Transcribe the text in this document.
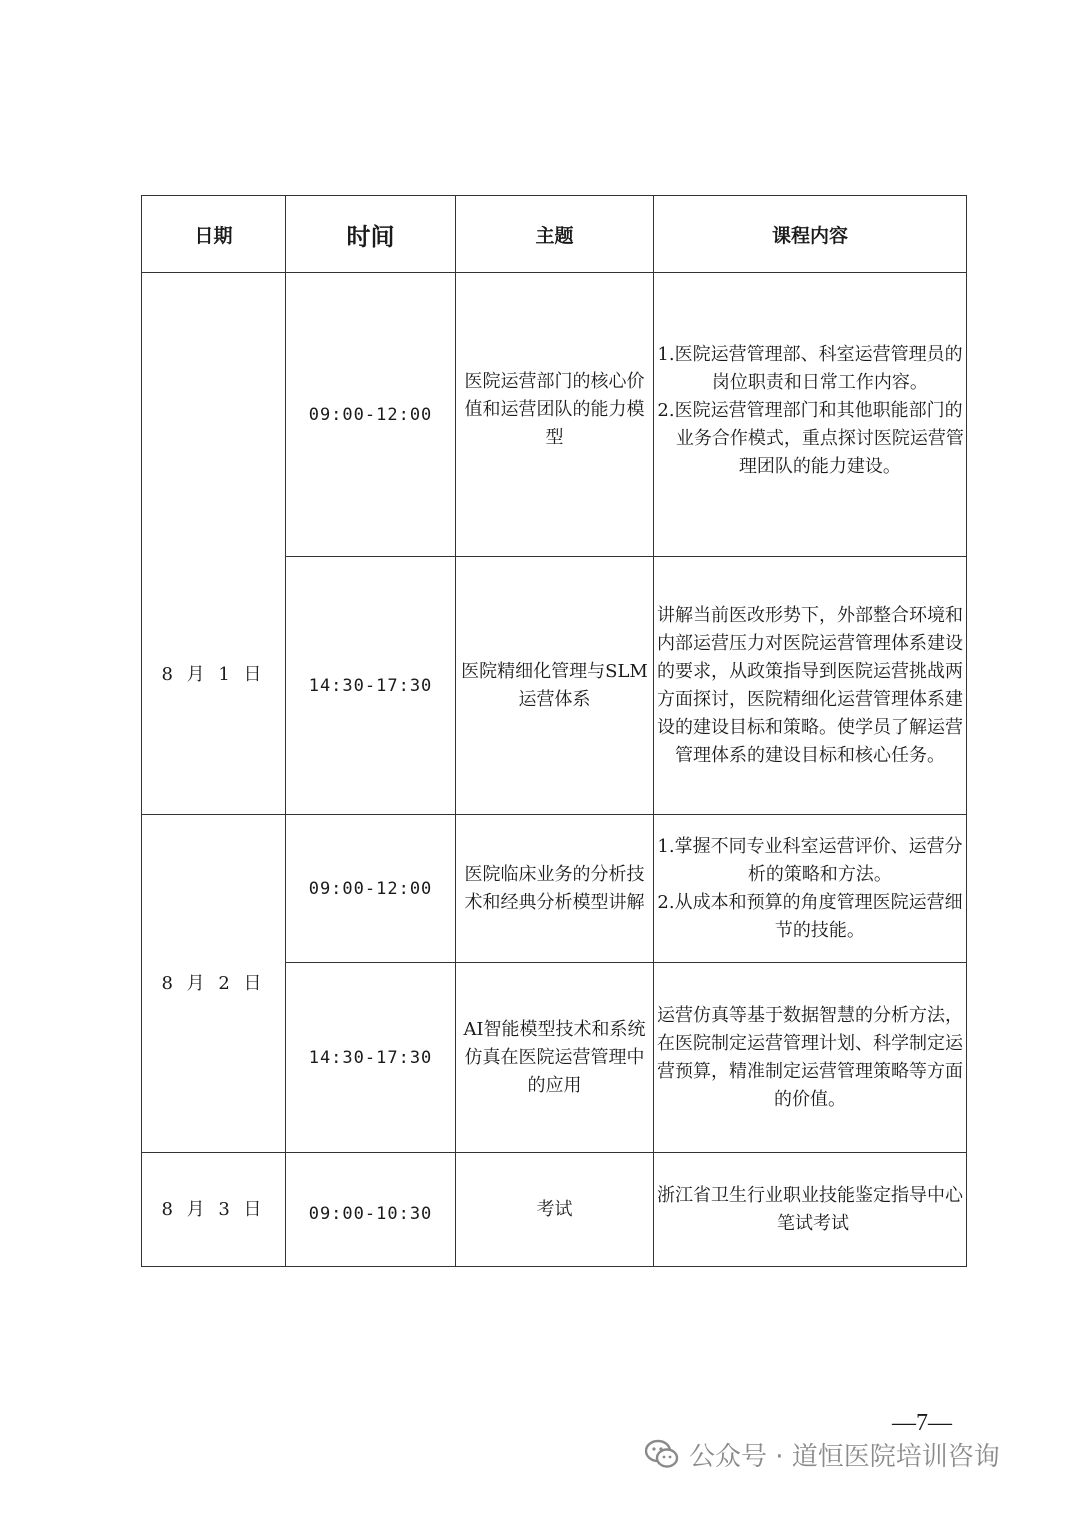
日期	时间	主题	课程内容
8 月 1 日	09:00-12:00	医院运营部门的核心价值和运营团队的能力模型	1.医院运营管理部、科室运营管理员的岗位职责和日常工作内容。
2.医院运营管理部门和其他职能部门的业务合作模式，重点探讨医院运营管理团队的能力建设。

	14:30-17:30	医院精细化管理与SLM运营体系	讲解当前医改形势下，外部整合环境和内部运营压力对医院运营管理体系建设的要求，从政策指导到医院运营挑战两方面探讨，医院精细化运营管理体系建设的建设目标和策略。使学员了解运营管理体系的建设目标和核心任务。

8 月 2 日	09:00-12:00	医院临床业务的分析技术和经典分析模型讲解	1.掌握不同专业科室运营评价、运营分析的策略和方法。
2.从成本和预算的角度管理医院运营细节的技能。

	14:30-17:30	AI智能模型技术和系统仿真在医院运营管理中的应用	运营仿真等基于数据智慧的分析方法，在医院制定运营管理计划、科学制定运营预算，精准制定运营管理策略等方面的价值。

8 月 3 日	09:00-10:30	考试	浙江省卫生行业职业技能鉴定指导中心笔试考试
—7—
公众号 · 道恒医院培训咨询
